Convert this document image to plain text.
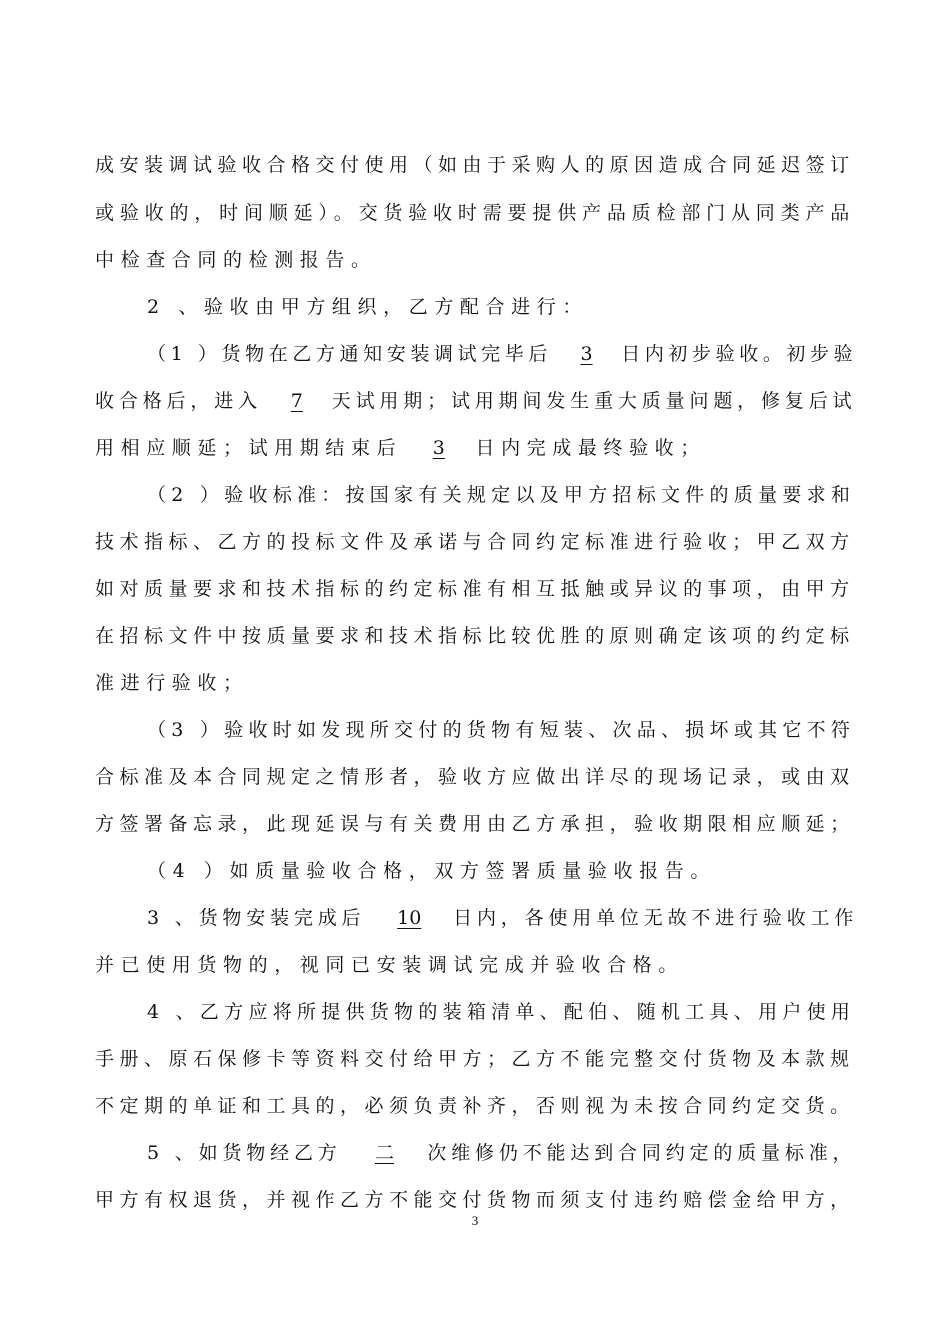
成安装调试验收合格交付使用（如由于采购人的原因造成合同延迟签订
或验收的，时间顺延）。交货验收时需要提供产品质检部门从同类产品
中检查合同的检测报告。
2 、验收由甲方组织，乙方配合进行：
（1 ）货物在乙方通知安装调试完毕后 3 日内初步验收。初步验
收合格后，进入 7 天试用期；试用期间发生重大质量问题，修复后试
用相应顺延；试用期结束后 3 日内完成最终验收；
（2 ）验收标准：按国家有关规定以及甲方招标文件的质量要求和
技术指标、乙方的投标文件及承诺与合同约定标准进行验收；甲乙双方
如对质量要求和技术指标的约定标准有相互抵触或异议的事项，由甲方
在招标文件中按质量要求和技术指标比较优胜的原则确定该项的约定标
准进行验收；
（3 ）验收时如发现所交付的货物有短装、次品、损坏或其它不符
合标准及本合同规定之情形者，验收方应做出详尽的现场记录，或由双
方签署备忘录，此现延误与有关费用由乙方承担，验收期限相应顺延；
（4 ）如质量验收合格，双方签署质量验收报告。
3 、货物安装完成后 10 日内，各使用单位无故不进行验收工作
并已使用货物的，视同已安装调试完成并验收合格。
4 、乙方应将所提供货物的装箱清单、配伯、随机工具、用户使用
手册、原石保修卡等资料交付给甲方；乙方不能完整交付货物及本款规
不定期的单证和工具的，必须负责补齐，否则视为未按合同约定交货。
5 、如货物经乙方 二 次维修仍不能达到合同约定的质量标准，
甲方有权退货，并视作乙方不能交付货物而须支付违约赔偿金给甲方，
3
